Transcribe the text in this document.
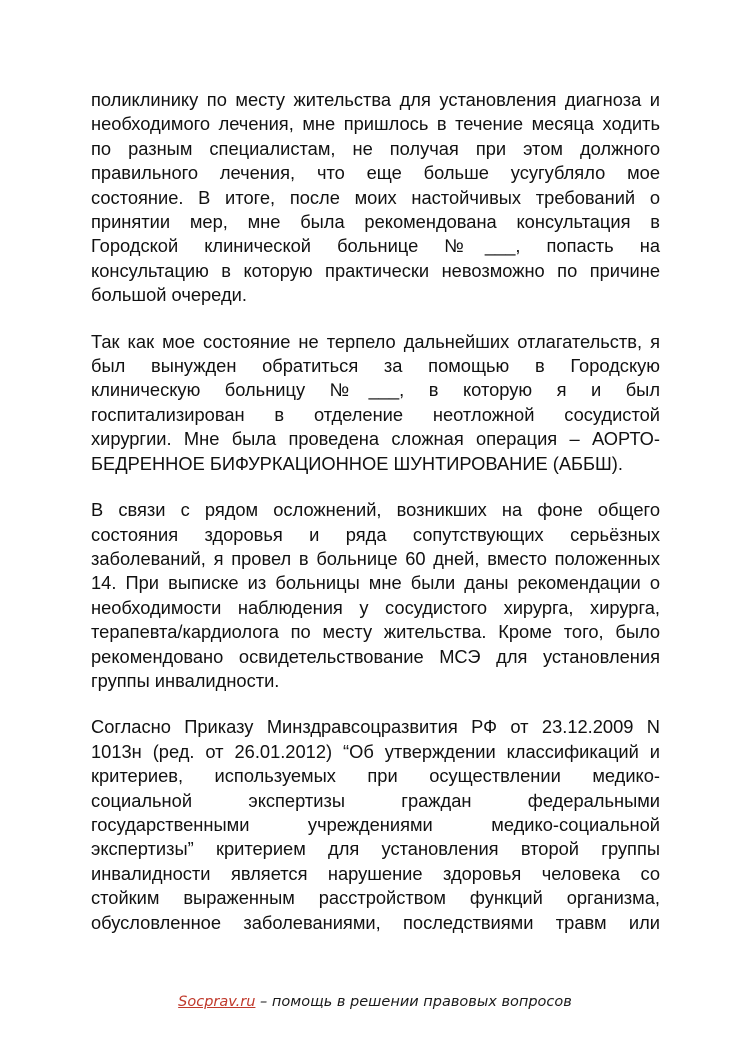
поликлинику по месту жительства для установления диагноза и
необходимого лечения, мне пришлось в течение месяца ходить
по разным специалистам, не получая при этом должного
правильного лечения, что еще больше усугубляло мое
состояние. В итоге, после моих настойчивых требований о
принятии мер, мне была рекомендована консультация в
Городской клинической больнице №___, попасть на
консультацию в которую практически невозможно по причине
большой очереди.

Так как мое состояние не терпело дальнейших отлагательств, я
был вынужден обратиться за помощью в Городскую
клиническую больницу №___, в которую я и был
госпитализирован в отделение неотложной сосудистой
хирургии. Мне была проведена сложная операция – АОРТО-
БЕДРЕННОЕ БИФУРКАЦИОННОЕ ШУНТИРОВАНИЕ (АББШ).

В связи с рядом осложнений, возникших на фоне общего
состояния здоровья и ряда сопутствующих серьёзных
заболеваний, я провел в больнице 60 дней, вместо положенных
14. При выписке из больницы мне были даны рекомендации о
необходимости наблюдения у сосудистого хирурга, хирурга,
терапевта/кардиолога по месту жительства. Кроме того, было
рекомендовано освидетельствование МСЭ для установления
группы инвалидности.

Согласно Приказу Минздравсоцразвития РФ от 23.12.2009 N
1013н (ред. от 26.01.2012) “Об утверждении классификаций и
критериев, используемых при осуществлении медико-
социальной экспертизы граждан федеральными
государственными учреждениями медико-социальной
экспертизы” критерием для установления второй группы
инвалидности является нарушение здоровья человека со
стойким выраженным расстройством функций организма,
обусловленное заболеваниями, последствиями травм или

Socprav.ru – помощь в решении правовых вопросов
